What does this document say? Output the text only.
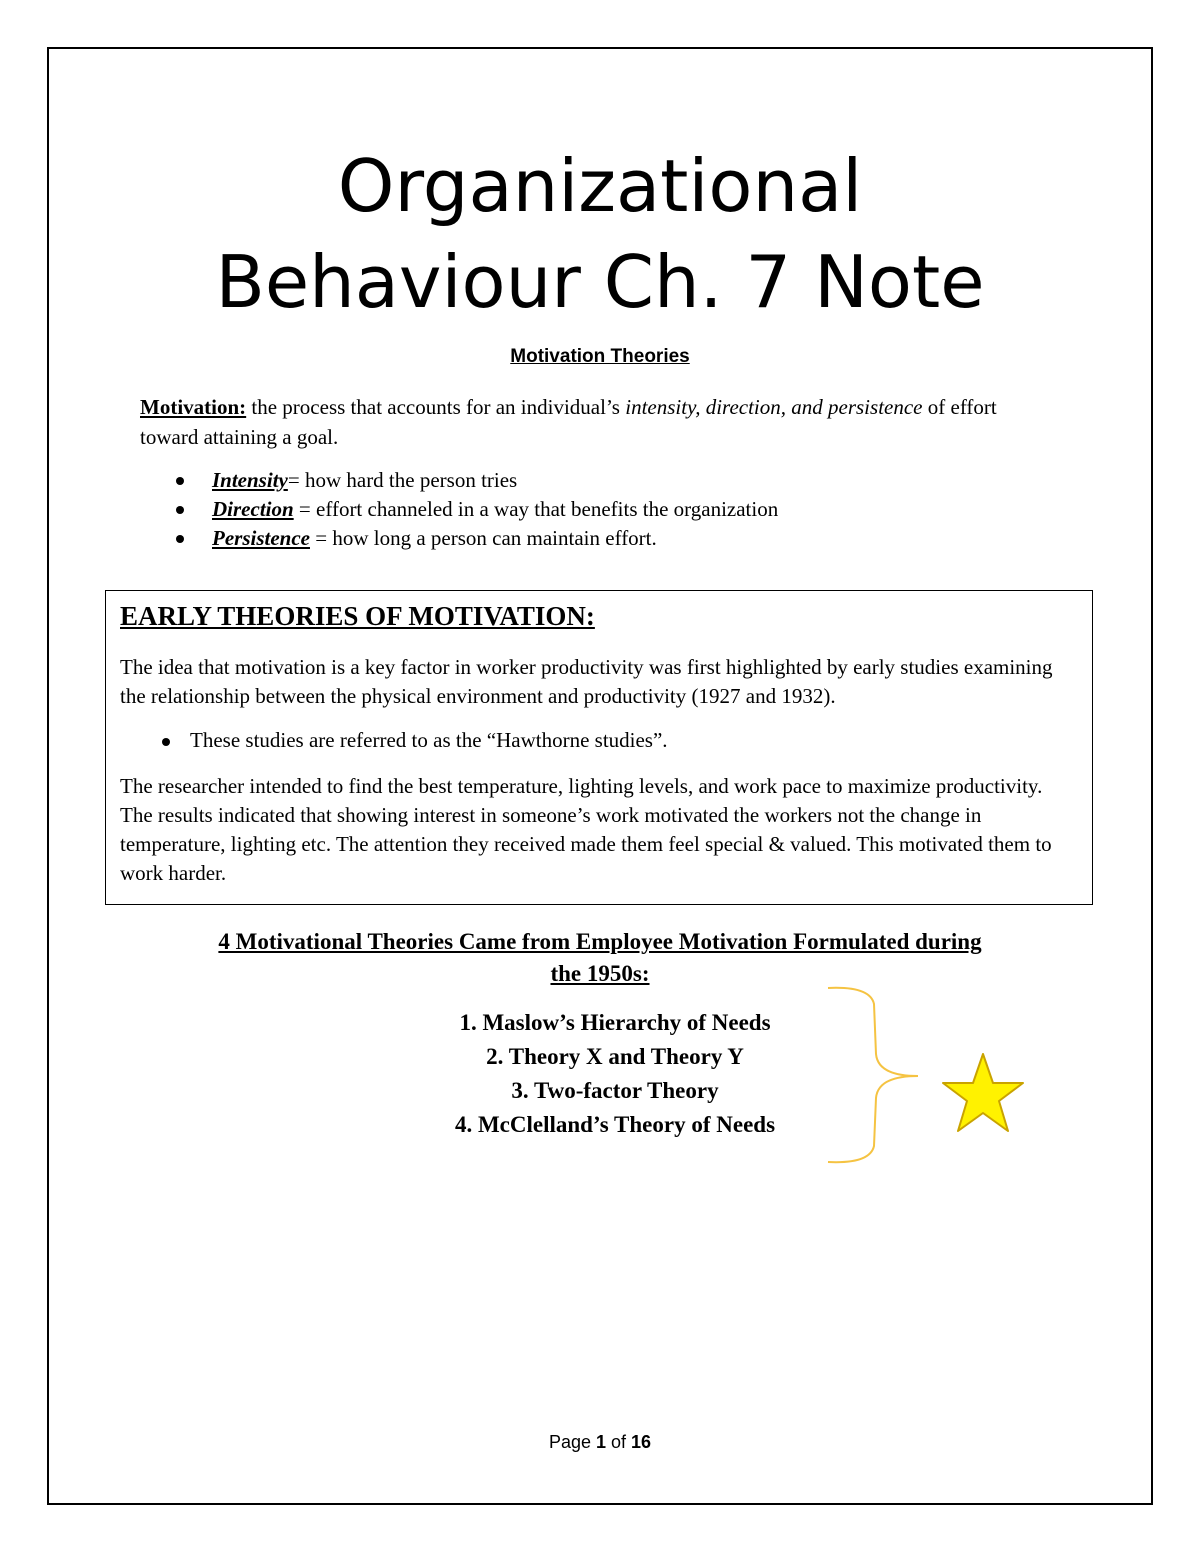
Organizational
Behaviour Ch. 7 Note
Motivation Theories
Motivation: the process that accounts for an individual’s intensity, direction, and persistence of effort toward attaining a goal.
Intensity= how hard the person tries
Direction = effort channeled in a way that benefits the organization
Persistence = how long a person can maintain effort.
EARLY THEORIES OF MOTIVATION:
The idea that motivation is a key factor in worker productivity was first highlighted by early studies examining the relationship between the physical environment and productivity (1927 and 1932).
These studies are referred to as the “Hawthorne studies”.
The researcher intended to find the best temperature, lighting levels, and work pace to maximize productivity. The results indicated that showing interest in someone’s work motivated the workers not the change in temperature, lighting etc. The attention they received made them feel special & valued. This motivated them to work harder.
4 Motivational Theories Came from Employee Motivation Formulated during
the 1950s:
1. Maslow’s Hierarchy of Needs
2. Theory X and Theory Y
3. Two-factor Theory
4. McClelland’s Theory of Needs
Page 1 of 16
